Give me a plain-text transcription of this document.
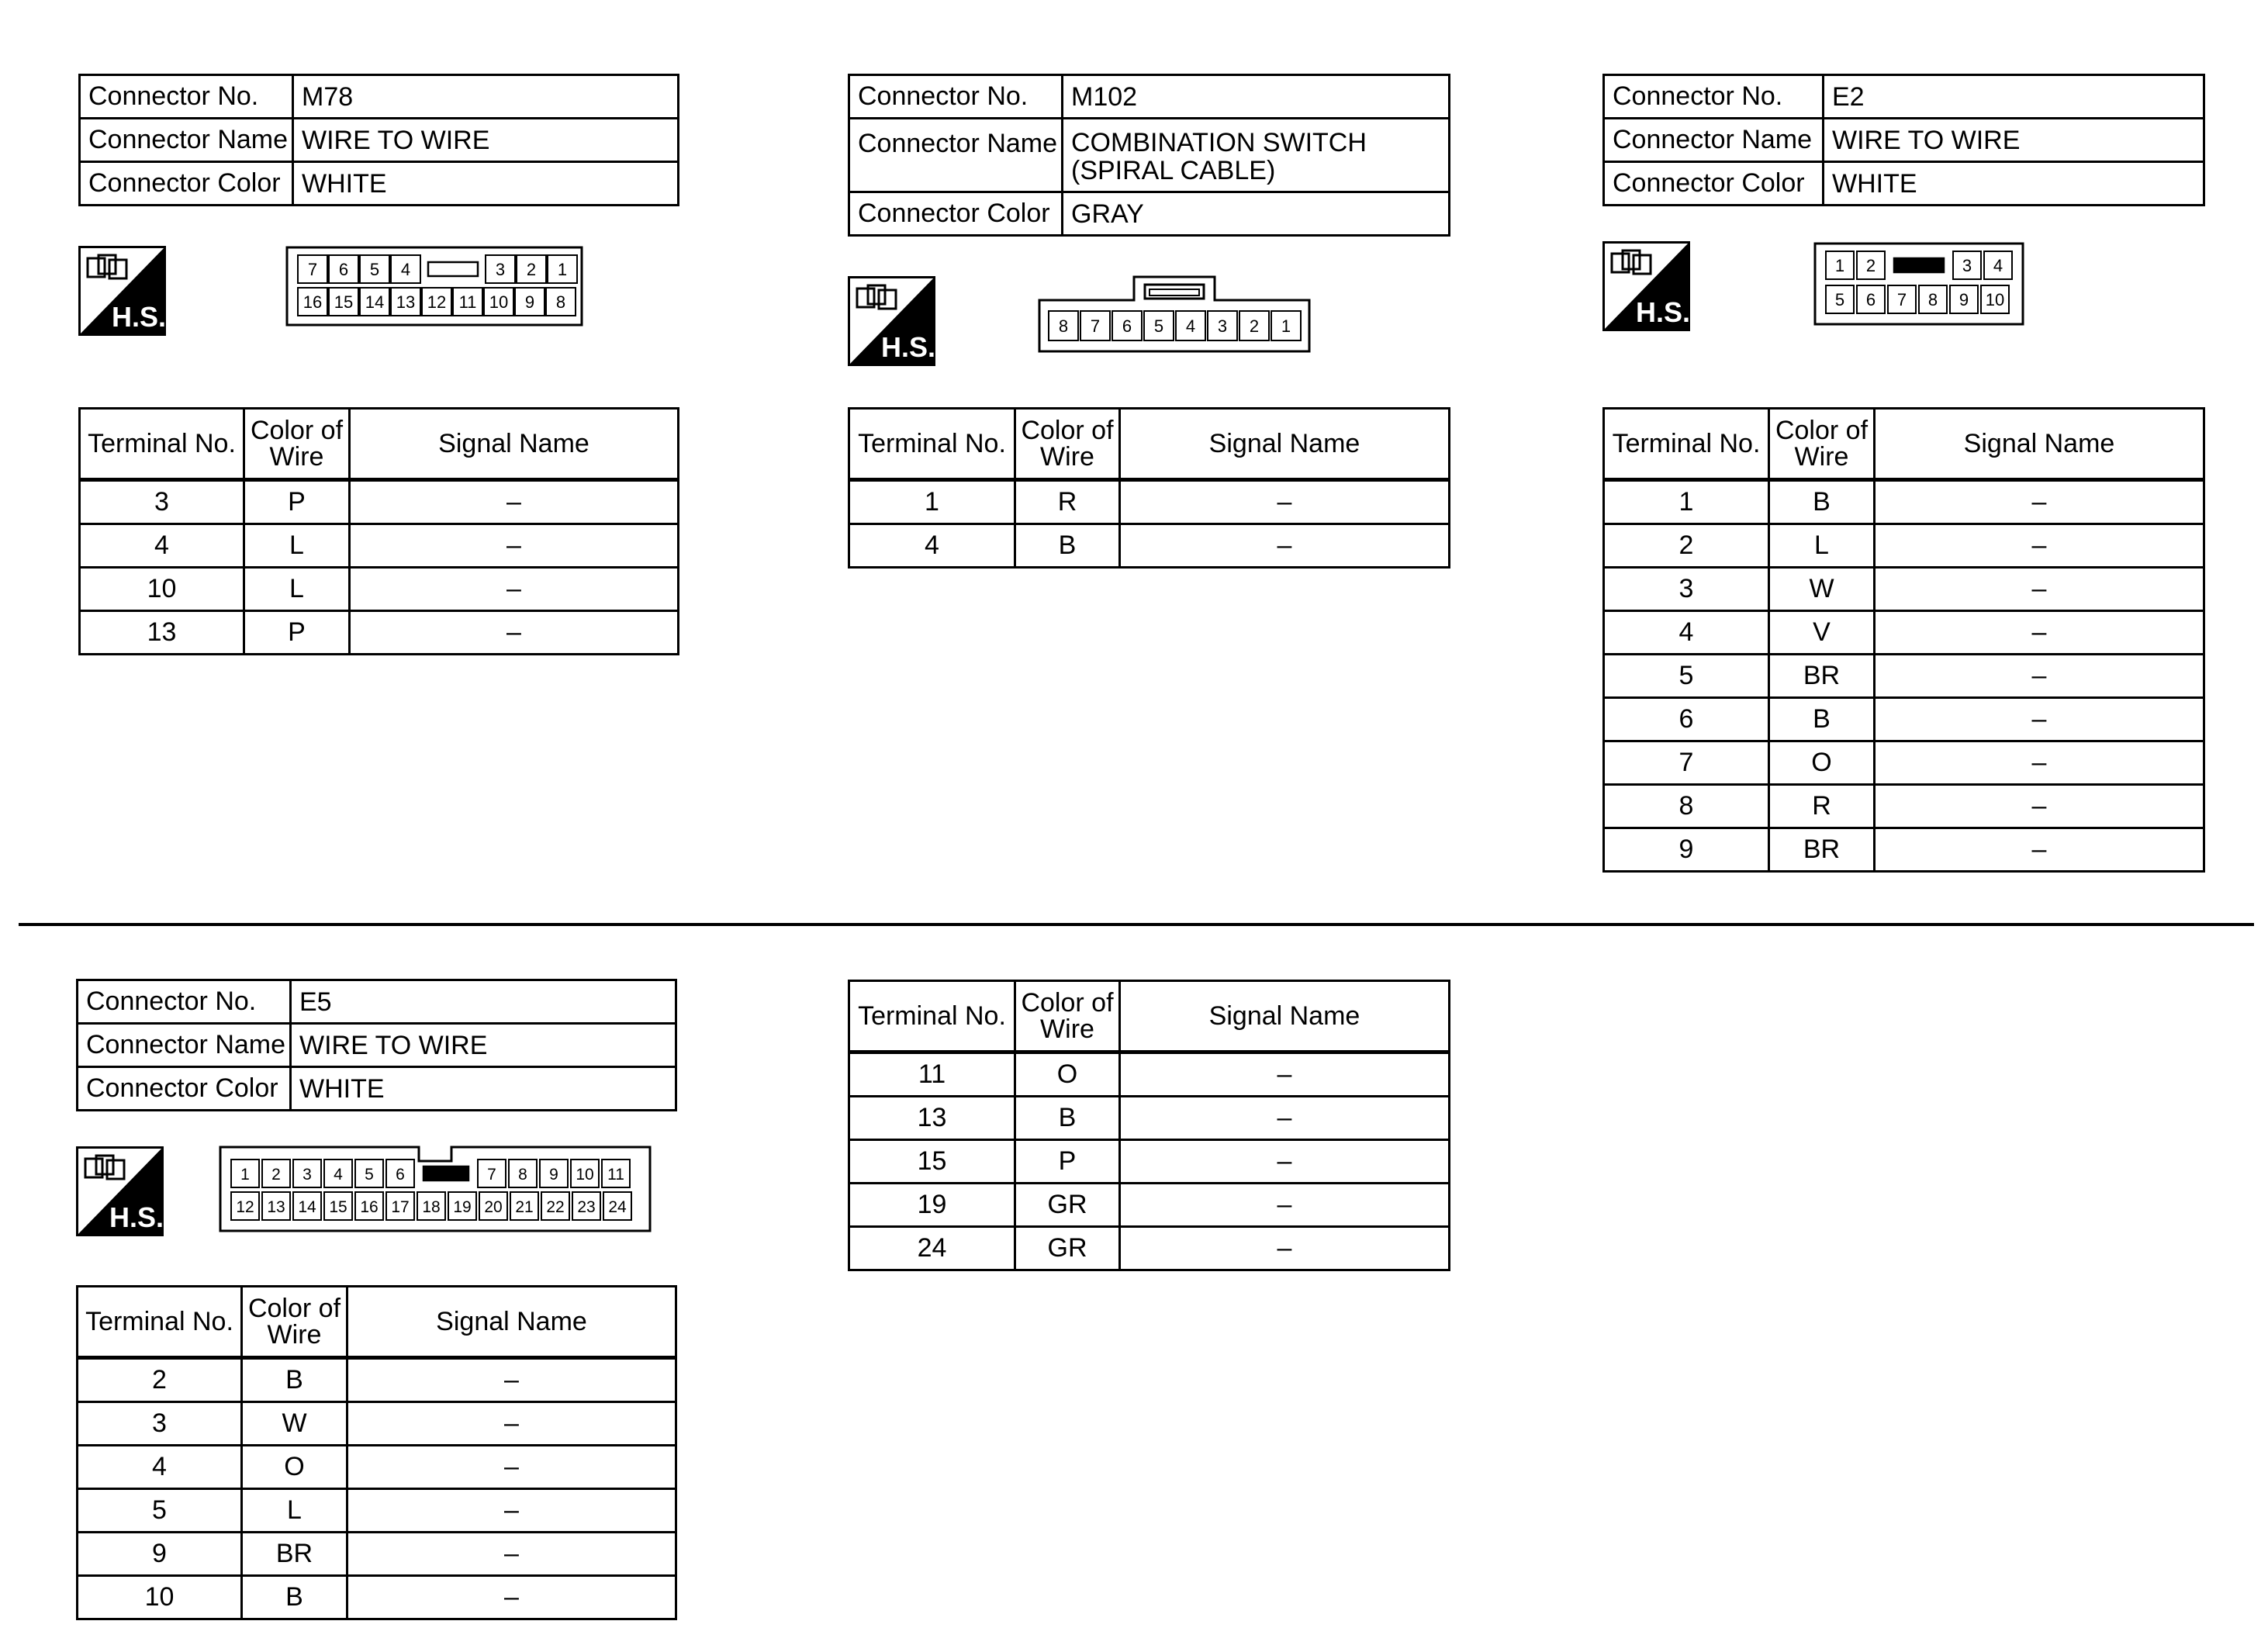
Connector No.	M78
Connector Name	WIRE TO WIRE
Connector Color	WHITE
H.S.
7 6 5 4	3 2 1
16 15 14 13 12 11 10 9 8
Terminal No.	Color of Wire	Signal Name
3	P	–
4	L	–
10	L	–
13	P	–
Connector No.	M102
Connector Name	COMBINATION SWITCH (SPIRAL CABLE)
Connector Color	GRAY
H.S.
8 7 6 5 4 3 2 1
Terminal No.	Color of Wire	Signal Name
1	R	–
4	B	–
Connector No.	E2
Connector Name	WIRE TO WIRE
Connector Color	WHITE
H.S.
1 2	3 4
5 6 7 8 9 10
Terminal No.	Color of Wire	Signal Name
1	B	–
2	L	–
3	W	–
4	V	–
5	BR	–
6	B	–
7	O	–
8	R	–
9	BR	–
Connector No.	E5
Connector Name	WIRE TO WIRE
Connector Color	WHITE
H.S.
1 2 3 4 5 6	7 8 9 10 11
12 13 14 15 16 17 18 19 20 21 22 23 24
Terminal No.	Color of Wire	Signal Name
2	B	–
3	W	–
4	O	–
5	L	–
9	BR	–
10	B	–
Terminal No.	Color of Wire	Signal Name
11	O	–
13	B	–
15	P	–
19	GR	–
24	GR	–
